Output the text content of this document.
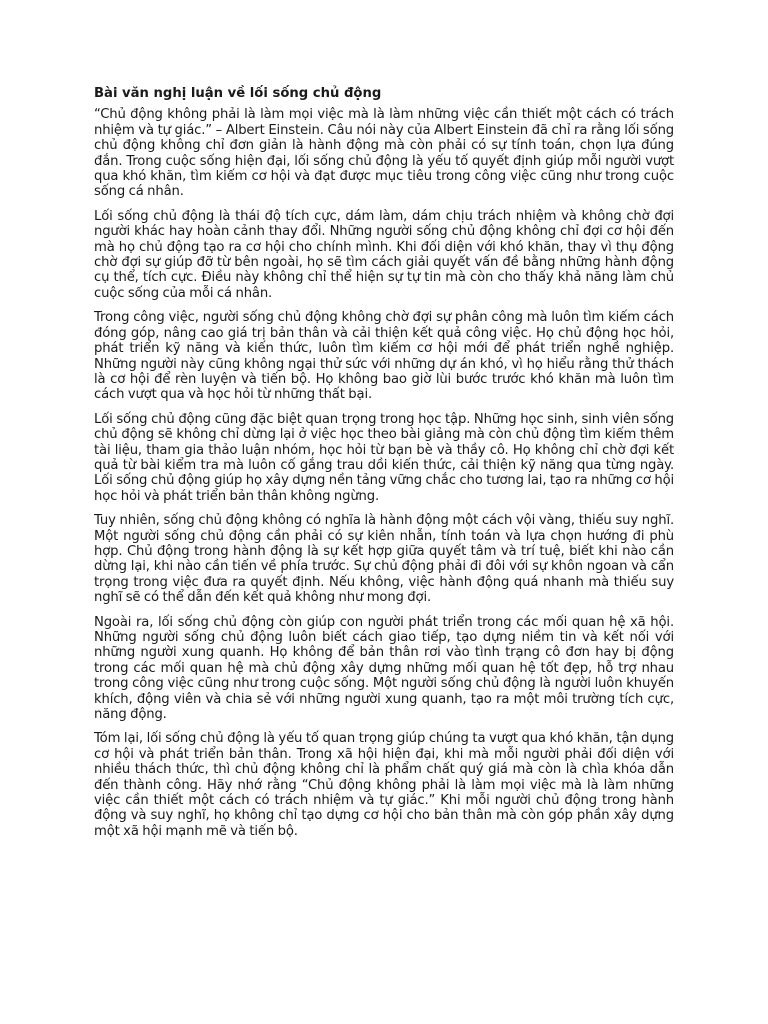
Bài văn nghị luận về lối sống chủ động

“Chủ động không phải là làm mọi việc mà là làm những việc cần thiết một cách có trách nhiệm và tự giác.” – Albert Einstein. Câu nói này của Albert Einstein đã chỉ ra rằng lối sống chủ động không chỉ đơn giản là hành động mà còn phải có sự tính toán, chọn lựa đúng đắn. Trong cuộc sống hiện đại, lối sống chủ động là yếu tố quyết định giúp mỗi người vượt qua khó khăn, tìm kiếm cơ hội và đạt được mục tiêu trong công việc cũng như trong cuộc sống cá nhân.

Lối sống chủ động là thái độ tích cực, dám làm, dám chịu trách nhiệm và không chờ đợi người khác hay hoàn cảnh thay đổi. Những người sống chủ động không chỉ đợi cơ hội đến mà họ chủ động tạo ra cơ hội cho chính mình. Khi đối diện với khó khăn, thay vì thụ động chờ đợi sự giúp đỡ từ bên ngoài, họ sẽ tìm cách giải quyết vấn đề bằng những hành động cụ thể, tích cực. Điều này không chỉ thể hiện sự tự tin mà còn cho thấy khả năng làm chủ cuộc sống của mỗi cá nhân.

Trong công việc, người sống chủ động không chờ đợi sự phân công mà luôn tìm kiếm cách đóng góp, nâng cao giá trị bản thân và cải thiện kết quả công việc. Họ chủ động học hỏi, phát triển kỹ năng và kiến thức, luôn tìm kiếm cơ hội mới để phát triển nghề nghiệp. Những người này cũng không ngại thử sức với những dự án khó, vì họ hiểu rằng thử thách là cơ hội để rèn luyện và tiến bộ. Họ không bao giờ lùi bước trước khó khăn mà luôn tìm cách vượt qua và học hỏi từ những thất bại.

Lối sống chủ động cũng đặc biệt quan trọng trong học tập. Những học sinh, sinh viên sống chủ động sẽ không chỉ dừng lại ở việc học theo bài giảng mà còn chủ động tìm kiếm thêm tài liệu, tham gia thảo luận nhóm, học hỏi từ bạn bè và thầy cô. Họ không chỉ chờ đợi kết quả từ bài kiểm tra mà luôn cố gắng trau dồi kiến thức, cải thiện kỹ năng qua từng ngày. Lối sống chủ động giúp họ xây dựng nền tảng vững chắc cho tương lai, tạo ra những cơ hội học hỏi và phát triển bản thân không ngừng.

Tuy nhiên, sống chủ động không có nghĩa là hành động một cách vội vàng, thiếu suy nghĩ. Một người sống chủ động cần phải có sự kiên nhẫn, tính toán và lựa chọn hướng đi phù hợp. Chủ động trong hành động là sự kết hợp giữa quyết tâm và trí tuệ, biết khi nào cần dừng lại, khi nào cần tiến về phía trước. Sự chủ động phải đi đôi với sự khôn ngoan và cẩn trọng trong việc đưa ra quyết định. Nếu không, việc hành động quá nhanh mà thiếu suy nghĩ sẽ có thể dẫn đến kết quả không như mong đợi.

Ngoài ra, lối sống chủ động còn giúp con người phát triển trong các mối quan hệ xã hội. Những người sống chủ động luôn biết cách giao tiếp, tạo dựng niềm tin và kết nối với những người xung quanh. Họ không để bản thân rơi vào tình trạng cô đơn hay bị động trong các mối quan hệ mà chủ động xây dựng những mối quan hệ tốt đẹp, hỗ trợ nhau trong công việc cũng như trong cuộc sống. Một người sống chủ động là người luôn khuyến khích, động viên và chia sẻ với những người xung quanh, tạo ra một môi trường tích cực, năng động.

Tóm lại, lối sống chủ động là yếu tố quan trọng giúp chúng ta vượt qua khó khăn, tận dụng cơ hội và phát triển bản thân. Trong xã hội hiện đại, khi mà mỗi người phải đối diện với nhiều thách thức, thì chủ động không chỉ là phẩm chất quý giá mà còn là chìa khóa dẫn đến thành công. Hãy nhớ rằng “Chủ động không phải là làm mọi việc mà là làm những việc cần thiết một cách có trách nhiệm và tự giác.” Khi mỗi người chủ động trong hành động và suy nghĩ, họ không chỉ tạo dựng cơ hội cho bản thân mà còn góp phần xây dựng một xã hội mạnh mẽ và tiến bộ.
